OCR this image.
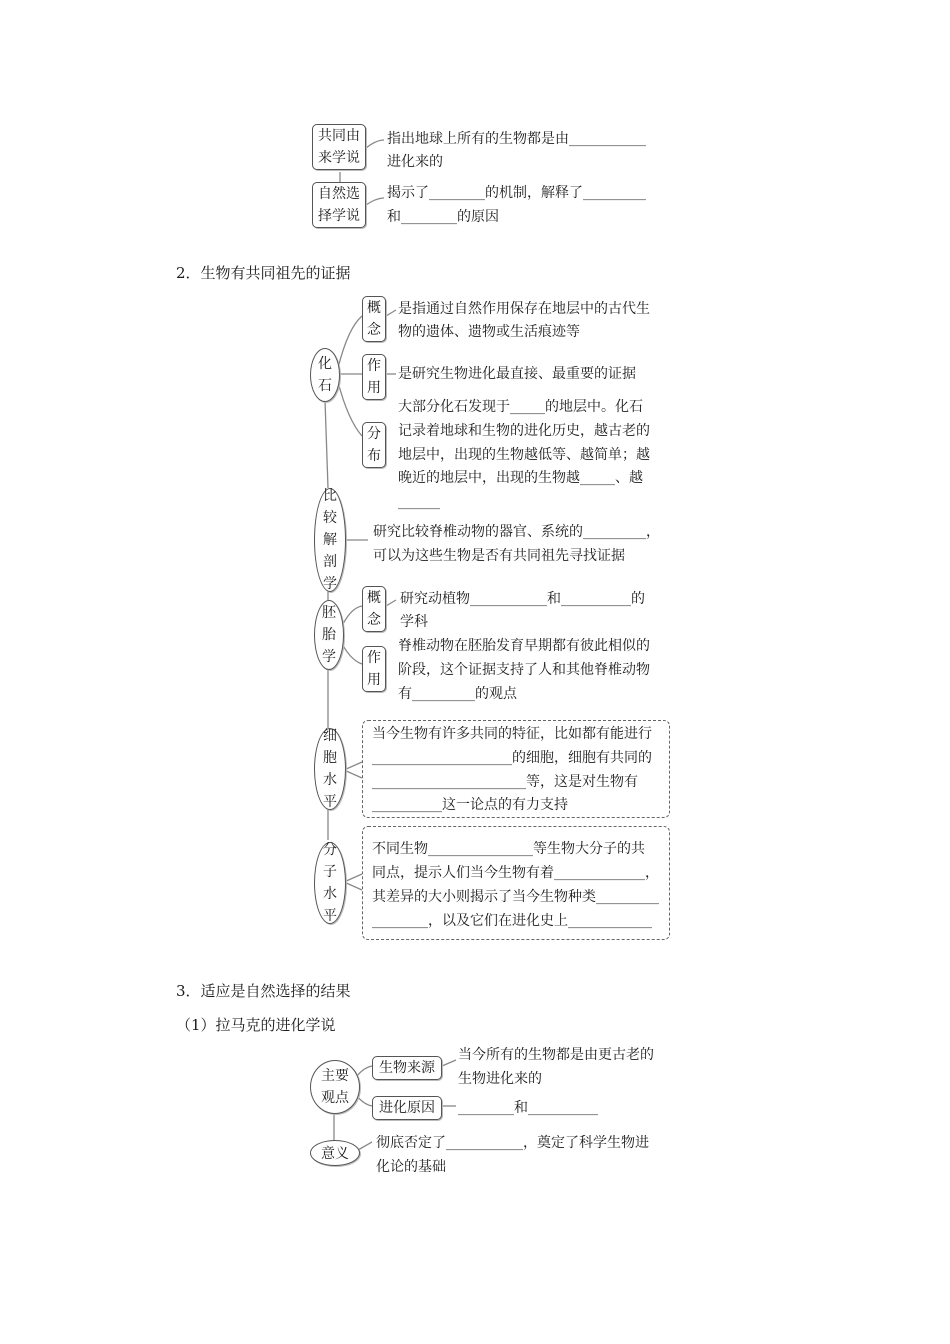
共同由
来学说
指出地球上所有的生物都是由___________
进化来的
自然选
择学说
揭示了________的机制，解释了_________
和________的原因
2．生物有共同祖先的证据
化石
概念
是指通过自然作用保存在地层中的古代生
物的遗体、遗物或生活痕迹等
作用
是研究生物进化最直接、最重要的证据
分布
大部分化石发现于_____的地层中。化石
记录着地球和生物的进化历史，越古老的
地层中，出现的生物越低等、越简单；越
晚近的地层中，出现的生物越_____、越
______
比较解剖学
研究比较脊椎动物的器官、系统的_________，
可以为这些生物是否有共同祖先寻找证据
胚胎学
概念
研究动植物___________和__________的
学科
作用
脊椎动物在胚胎发育早期都有彼此相似的
阶段，这个证据支持了人和其他脊椎动物
有_________的观点
细胞水平
当今生物有许多共同的特征，比如都有能进行
____________________的细胞，细胞有共同的
______________________等，这是对生物有
__________这一论点的有力支持
分子水平
不同生物_______________等生物大分子的共
同点，提示人们当今生物有着_____________，
其差异的大小则揭示了当今生物种类_________
________，以及它们在进化史上____________
3．适应是自然选择的结果
（1）拉马克的进化学说
主要
观点
生物来源
当今所有的生物都是由更古老的
生物进化来的
进化原因	________和__________
意义
彻底否定了___________，奠定了科学生物进
化论的基础
